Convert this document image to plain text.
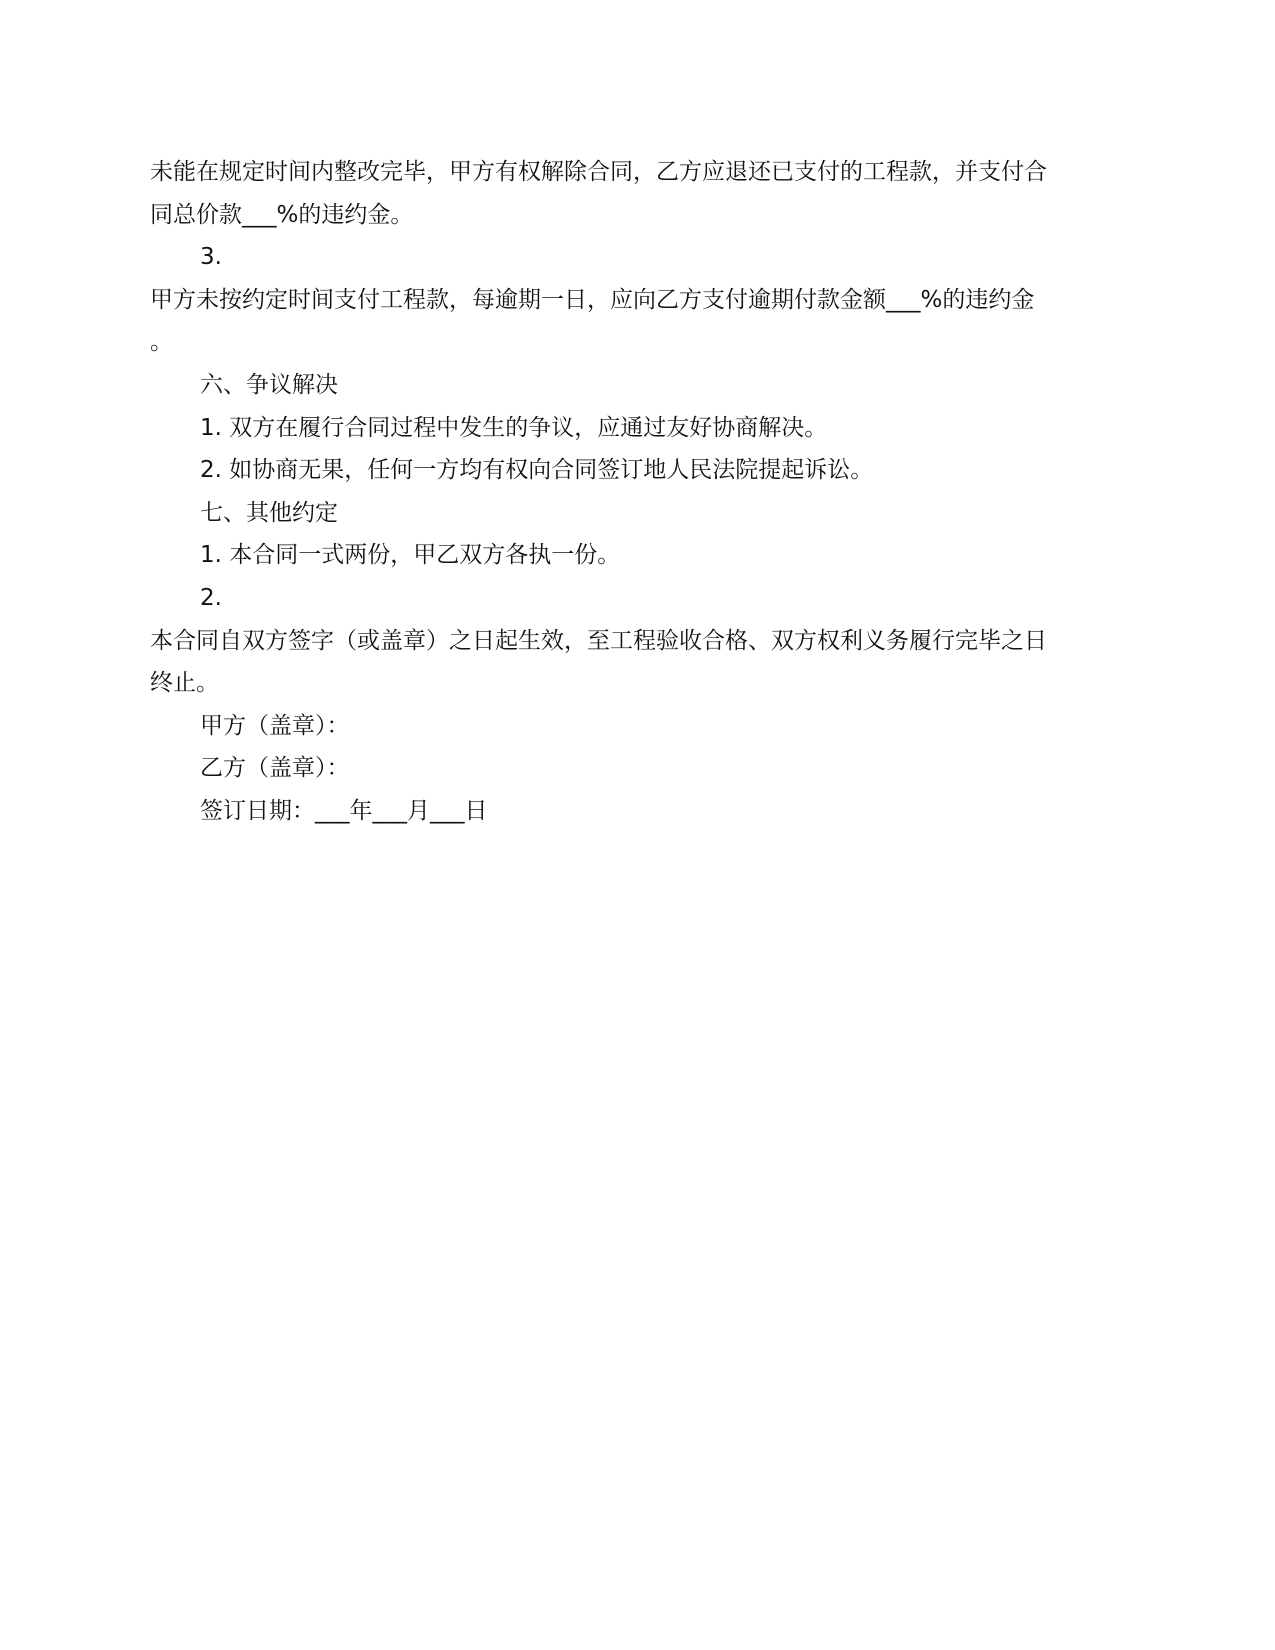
未能在规定时间内整改完毕，甲方有权解除合同，乙方应退还已支付的工程款，并支付合

同总价款___%的违约金。

3.

甲方未按约定时间支付工程款，每逾期一日，应向乙方支付逾期付款金额___%的违约金

。

六、争议解决

1. 双方在履行合同过程中发生的争议，应通过友好协商解决。

2. 如协商无果，任何一方均有权向合同签订地人民法院提起诉讼。

七、其他约定

1. 本合同一式两份，甲乙双方各执一份。

2.

本合同自双方签字（或盖章）之日起生效，至工程验收合格、双方权利义务履行完毕之日

终止。

甲方（盖章）：

乙方（盖章）：

签订日期：___年___月___日
